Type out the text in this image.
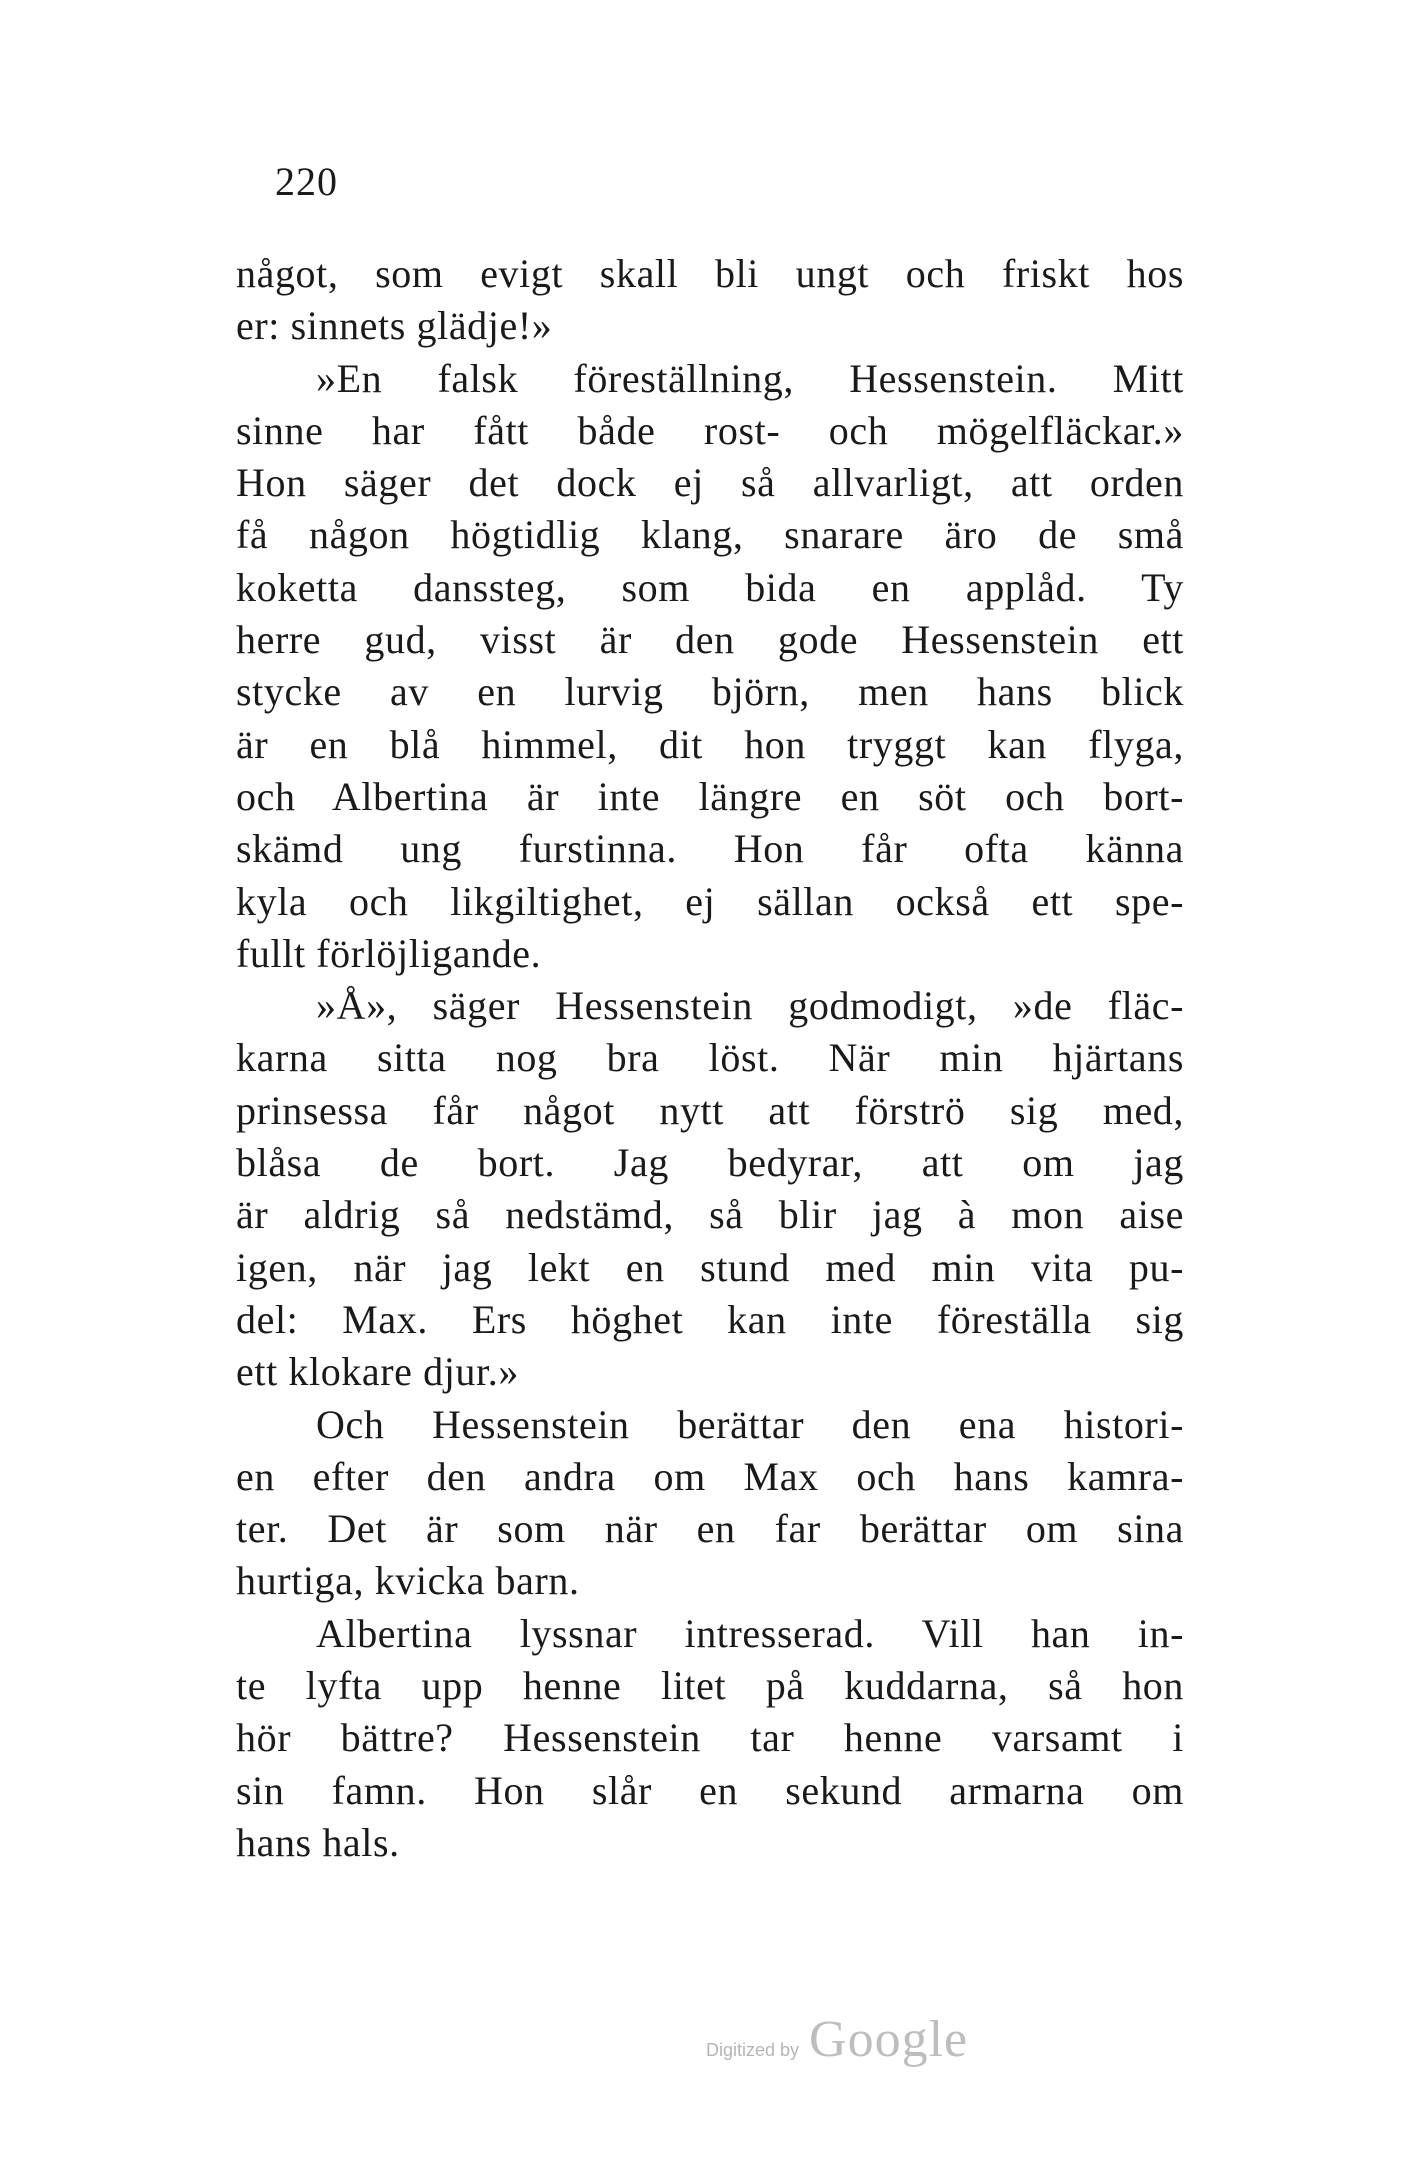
220
något, som evigt skall bli ungt och friskt hos
er: sinnets glädje!»
»En falsk föreställning, Hessenstein. Mitt
sinne har fått både rost- och mögelfläckar.»
Hon säger det dock ej så allvarligt, att orden
få någon högtidlig klang, snarare äro de små
koketta danssteg, som bida en applåd. Ty
herre gud, visst är den gode Hessenstein ett
stycke av en lurvig björn, men hans blick
är en blå himmel, dit hon tryggt kan flyga,
och Albertina är inte längre en söt och bort-
skämd ung furstinna. Hon får ofta känna
kyla och likgiltighet, ej sällan också ett spe-
fullt förlöjligande.
»Å», säger Hessenstein godmodigt, »de fläc-
karna sitta nog bra löst. När min hjärtans
prinsessa får något nytt att förströ sig med,
blåsa de bort. Jag bedyrar, att om jag
är aldrig så nedstämd, så blir jag à mon aise
igen, när jag lekt en stund med min vita pu-
del: Max. Ers höghet kan inte föreställa sig
ett klokare djur.»
Och Hessenstein berättar den ena histori-
en efter den andra om Max och hans kamra-
ter. Det är som när en far berättar om sina
hurtiga, kvicka barn.
Albertina lyssnar intresserad. Vill han in-
te lyfta upp henne litet på kuddarna, så hon
hör bättre? Hessenstein tar henne varsamt i
sin famn. Hon slår en sekund armarna om
hans hals.
Digitized by Google
